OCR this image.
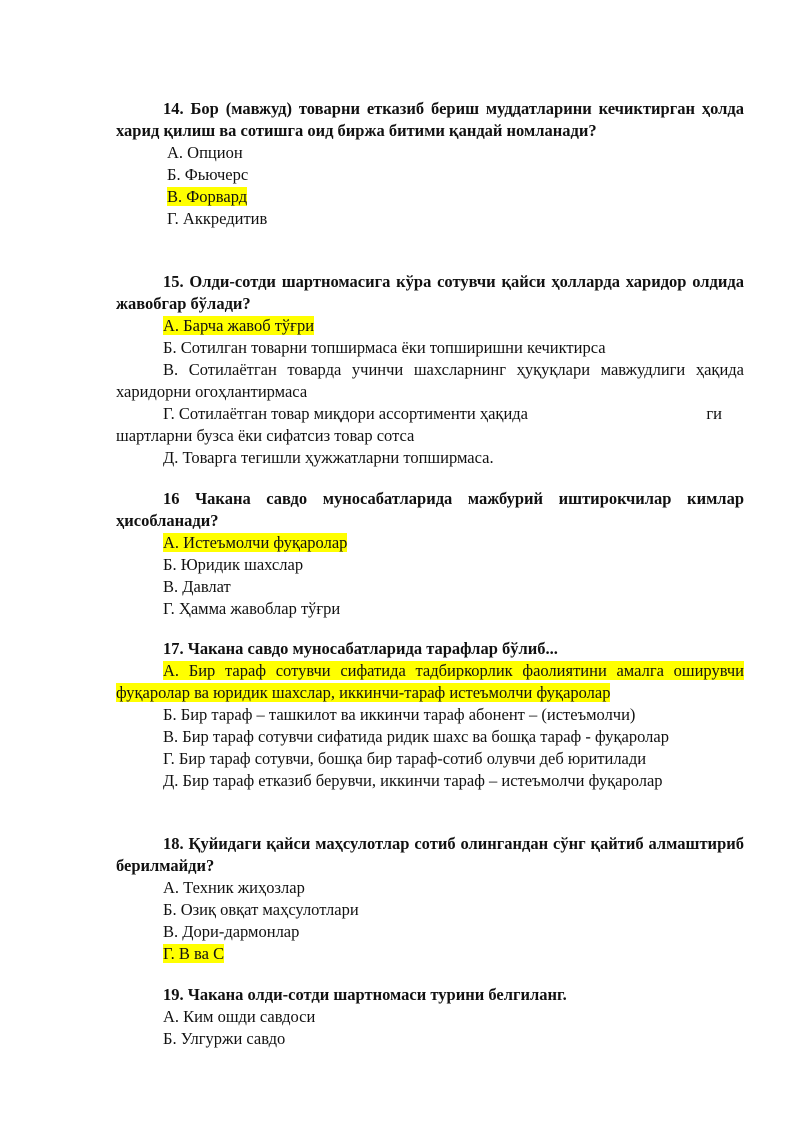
14. Бор (мавжуд) товарни етказиб бериш муддатларини кечиктирган ҳолда харид қилиш ва сотишга оид биржа битими қандай номланади?

А. Опцион

Б. Фьючерс

В. Форвард

Г. Аккредитив

15. Олди-сотди шартномасига кўра сотувчи қайси ҳолларда харидор олдида жавобгар бўлади?

А. Барча жавоб тўғри

Б. Сотилган товарни топширмаса ёки топширишни кечиктирса

В. Сотилаётган товарда учинчи шахсларнинг ҳуқуқлари мавжудлиги ҳақида харидорни огоҳлантирмаса

Г. Сотилаётган товар миқдори ассортименти ҳақида	ги

шартларни бузса ёки сифатсиз товар сотса

Д. Товарга тегишли ҳужжатларни топширмаса.

16 Чакана савдо муносабатларида мажбурий иштирокчилар кимлар ҳисобланади?

А. Истеъмолчи фуқаролар

Б. Юридик шахслар

В. Давлат

Г. Ҳамма жавоблар тўғри

17. Чакана савдо муносабатларида тарафлар бўлиб...

А. Бир тараф сотувчи сифатида тадбиркорлик фаолиятини амалга оширувчи фуқаролар ва юридик шахслар, иккинчи-тараф истеъмолчи фуқаролар

Б. Бир тараф – ташкилот ва иккинчи тараф абонент – (истеъмолчи)

В. Бир тараф сотувчи сифатида ридик шахс ва бошқа тараф - фуқаролар

Г. Бир тараф сотувчи, бошқа бир тараф-сотиб олувчи деб юритилади

Д. Бир тараф етказиб берувчи, иккинчи тараф – истеъмолчи фуқаролар

18. Қуйидаги қайси маҳсулотлар сотиб олингандан сўнг қайтиб алмаштириб берилмайди?

А. Техник жиҳозлар

Б. Озиқ овқат маҳсулотлари

В. Дори-дармонлар

Г. В ва С

19. Чакана олди-сотди шартномаси турини белгиланг.

А. Ким ошди савдоси

Б. Улгуржи савдо
